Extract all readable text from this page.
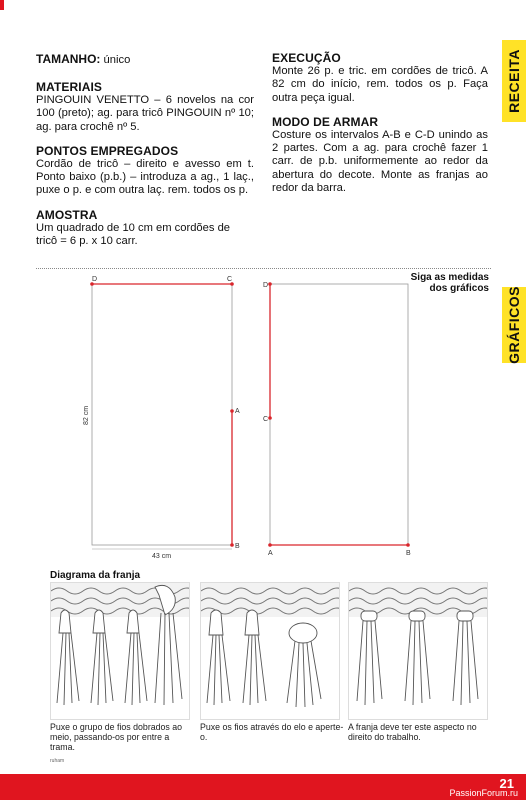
TAMANHO: único
MATERIAIS

PINGOUIN VENETTO – 6 novelos na cor 100 (preto); ag. para tricô PINGOUIN nº 10; ag. para crochê nº 5.

PONTOS EMPREGADOS

Cordão de tricô – direito e avesso em t. Ponto baixo (p.b.) – introduza a ag., 1 laç., puxe o p. e com outra laç. rem. todos os p.

AMOSTRA

Um quadrado de 10 cm em cordões de tricô = 6 p. x 10 carr.

EXECUÇÃO

Monte 26 p. e tric. em cordões de tricô. A 82 cm do início, rem. todos os p. Faça outra peça igual.

MODO DE ARMAR

Costure os intervalos A-B e C-D unindo as 2 partes. Com a ag. para crochê fazer 1 carr. de p.b. uniformemente ao redor da abertura do decote. Monte as franjas ao redor da barra.

RECEITA
GRÁFICOS
Siga as medidas dos gráficos
D	C
A
B
43 cm
82 cm
D
C
A	B
Diagrama da franja
Puxe o grupo de fios dobrados ao meio, passando-os por entre a trama.
Puxe os fios através do elo e aperte-o.
A franja deve ter este aspecto no direito do trabalho.
ruham
21
PassionForum.ru
